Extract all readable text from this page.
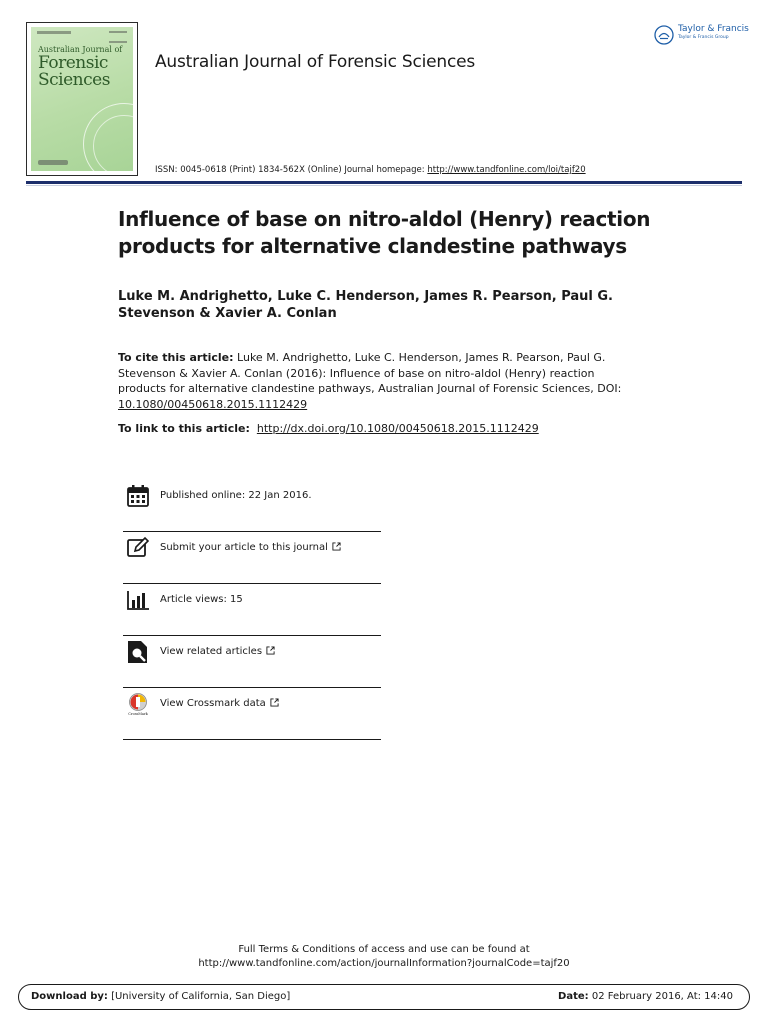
Australian Journal of
Forensic
Sciences
Australian Journal of Forensic Sciences
ISSN: 0045-0618 (Print) 1834-562X (Online) Journal homepage: http://www.tandfonline.com/loi/tajf20
Taylor & Francis
Taylor & Francis Group
Influence of base on nitro-aldol (Henry) reaction
products for alternative clandestine pathways
Luke M. Andrighetto, Luke C. Henderson, James R. Pearson, Paul G.
Stevenson & Xavier A. Conlan
To cite this article: Luke M. Andrighetto, Luke C. Henderson, James R. Pearson, Paul G.
Stevenson & Xavier A. Conlan (2016): Influence of base on nitro-aldol (Henry) reaction
products for alternative clandestine pathways, Australian Journal of Forensic Sciences, DOI:
10.1080/00450618.2015.1112429
To link to this article: http://dx.doi.org/10.1080/00450618.2015.1112429
Published online: 22 Jan 2016.
Submit your article to this journal
Article views: 15
View related articles
CrossMark
View Crossmark data
Full Terms & Conditions of access and use can be found at
http://www.tandfonline.com/action/journalInformation?journalCode=tajf20
Download by: [University of California, San Diego]	Date: 02 February 2016, At: 14:40
